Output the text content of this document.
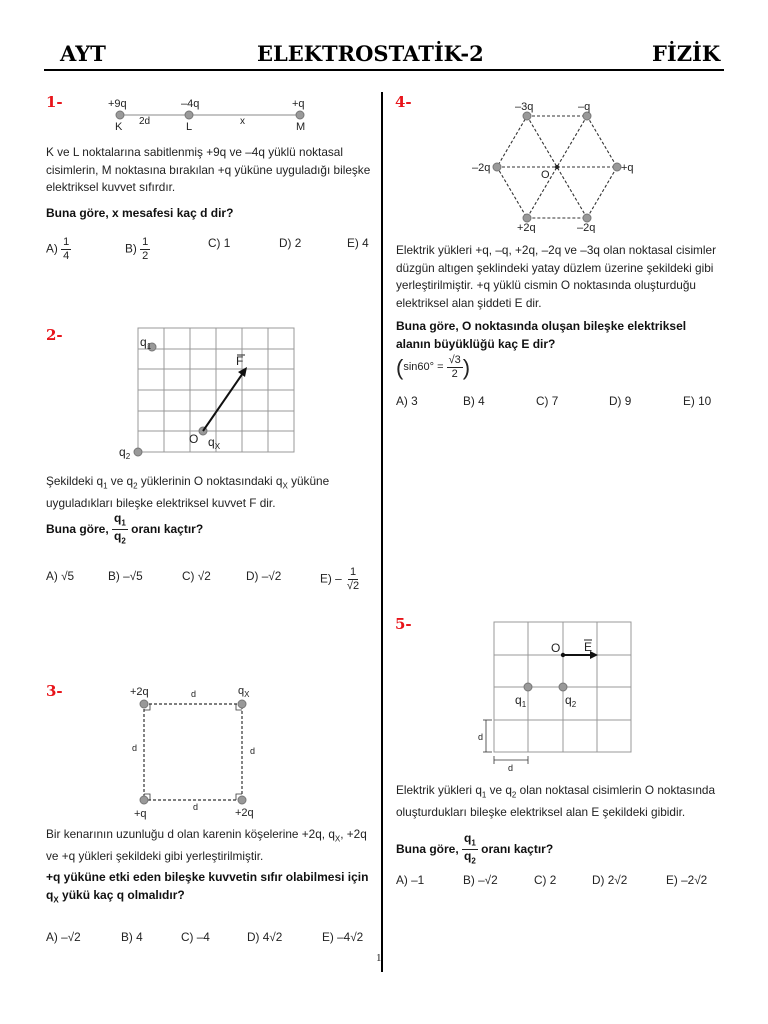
AYT	ELEKTROSTATİK-2	FİZİK
1-	+9q	–4q	+q
K	L	M
2d	x
K ve L noktalarına sabitlenmiş +9q ve –4q yüklü noktasal cisimlerin, M noktasına bırakılan +q yüküne uyguladığı bileşke elektriksel kuvvet sıfırdır.
Buna göre, x mesafesi kaç d dir?
$A) \frac{1}{4}$	$B) \frac{1}{2}$	C) 1	D) 2	E) 4
2-	$q_1$
$q_2$
O $q_X$
F
Şekildeki $q_1$ ve $q_2$ yüklerinin O noktasındaki $q_X$ yüküne uyguladıkları bileşke elektriksel kuvvet F dir.
Buna göre, $\frac{q_1}{q_2}$ oranı kaçtır?
A) √5	B) –√5	C) √2	D) –√2	$E) - \frac{1}{√2}$
3-	+2q	$q_X$
+q	+2q
d
d	d
d
Bir kenarının uzunluğu d olan karenin köşelerine +2q, $q_X$, +2q ve +q yükleri şekildeki gibi yerleştirilmiştir.
+q yüküne etki eden bileşke kuvvetin sıfır olabilmesi için $q_X$ yükü kaç q olmalıdır?
A) –√2	B) 4	C) –4	D) 4√2	E) –4√2
4-	–3q	–q
–2q	+q
+2q	–2q
O
Elektrik yükleri +q, –q, +2q, –2q ve –3q olan noktasal cisimler düzgün altıgen şeklindeki yatay düzlem üzerine şekildeki gibi yerleştirilmiştir. +q yüklü cismin O noktasında oluşturduğu elektriksel alan şiddeti E dir.
Buna göre, O noktasında oluşan bileşke elektriksel alanın büyüklüğü kaç E dir?
($\sin 60^\circ = \frac{√3}{2}$ )
A) 3	B) 4	C) 7	D) 9	E) 10
5-
O E
$q_1$	$q_2$
d
d
Elektrik yükleri $q_1$ ve $q_2$ olan noktasal cisimlerin O noktasında oluşturdukları bileşke elektriksel alan E şekildeki gibidir.
Buna göre, $\frac{q_1}{q_2}$ oranı kaçtır?
A) –1	B) –√2	C) 2	D) 2√2	E) –2√2
1
